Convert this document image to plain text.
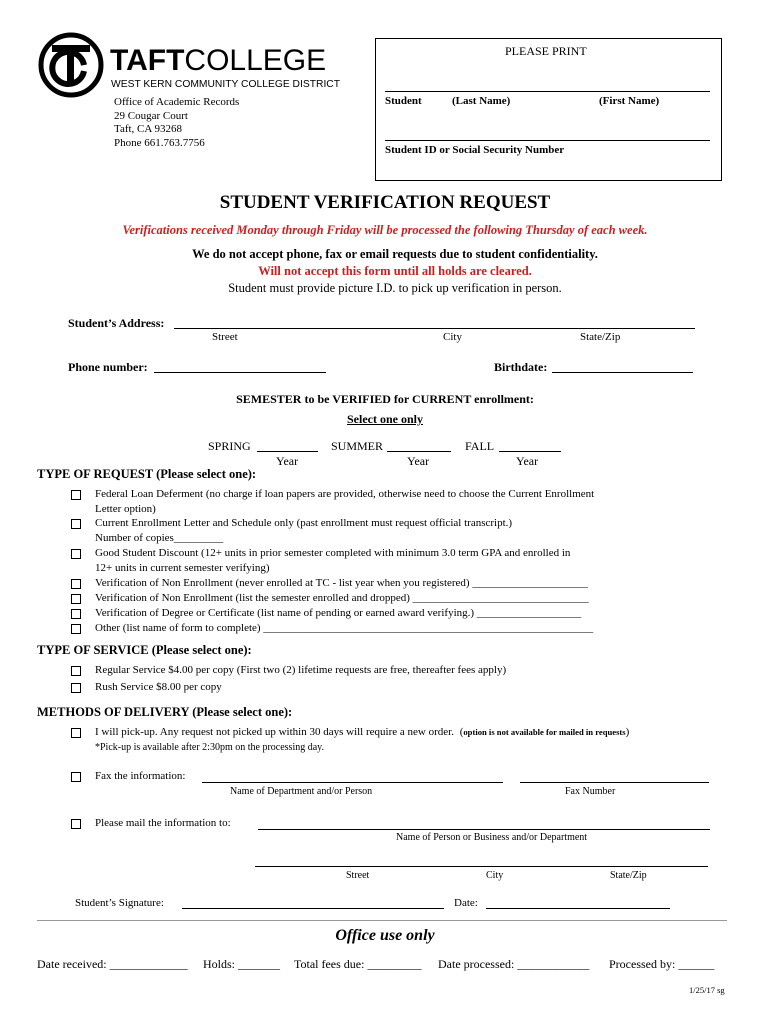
TAFTCOLLEGE
WEST KERN COMMUNITY COLLEGE DISTRICT
Office of Academic Records
29 Cougar Court
Taft, CA 93268
Phone 661.763.7756
PLEASE PRINT
Student	(Last Name)	(First Name)
Student ID or Social Security Number
STUDENT VERIFICATION REQUEST
Verifications received Monday through Friday will be processed the following Thursday of each week.
We do not accept phone, fax or email requests due to student confidentiality.
Will not accept this form until all holds are cleared.
Student must provide picture I.D. to pick up verification in person.
Student’s Address:
Street	City	State/Zip
Phone number:	Birthdate:
SEMESTER to be VERIFIED for CURRENT enrollment:
Select one only
SPRING
Year
SUMMER
Year
FALL
Year
TYPE OF REQUEST (Please select one):
Federal Loan Deferment (no charge if loan papers are provided, otherwise need to choose the Current Enrollment
Letter option)
Current Enrollment Letter and Schedule only (past enrollment must request official transcript.)
Number of copies_________
Good Student Discount (12+ units in prior semester completed with minimum 3.0 term GPA and enrolled in
12+ units in current semester verifying)
Verification of Non Enrollment (never enrolled at TC - list year when you registered) _____________________
Verification of Non Enrollment (list the semester enrolled and dropped) ________________________________
Verification of Degree or Certificate (list name of pending or earned award verifying.) ___________________
Other (list name of form to complete) ____________________________________________________________
TYPE OF SERVICE (Please select one):
Regular Service $4.00 per copy (First two (2) lifetime requests are free, thereafter fees apply)
Rush Service $8.00 per copy
METHODS OF DELIVERY (Please select one):
I will pick-up. Any request not picked up within 30 days will require a new order. (option is not available for mailed in requests)
*Pick-up is available after 2:30pm on the processing day.
Fax the information:
Name of Department and/or Person	Fax Number
Please mail the information to:
Name of Person or Business and/or Department
Street	City	State/Zip
Student’s Signature:	Date:
Office use only
Date received: _____________ Holds: _______ Total fees due: _________ Date processed: ____________ Processed by: ______
1/25/17 sg
